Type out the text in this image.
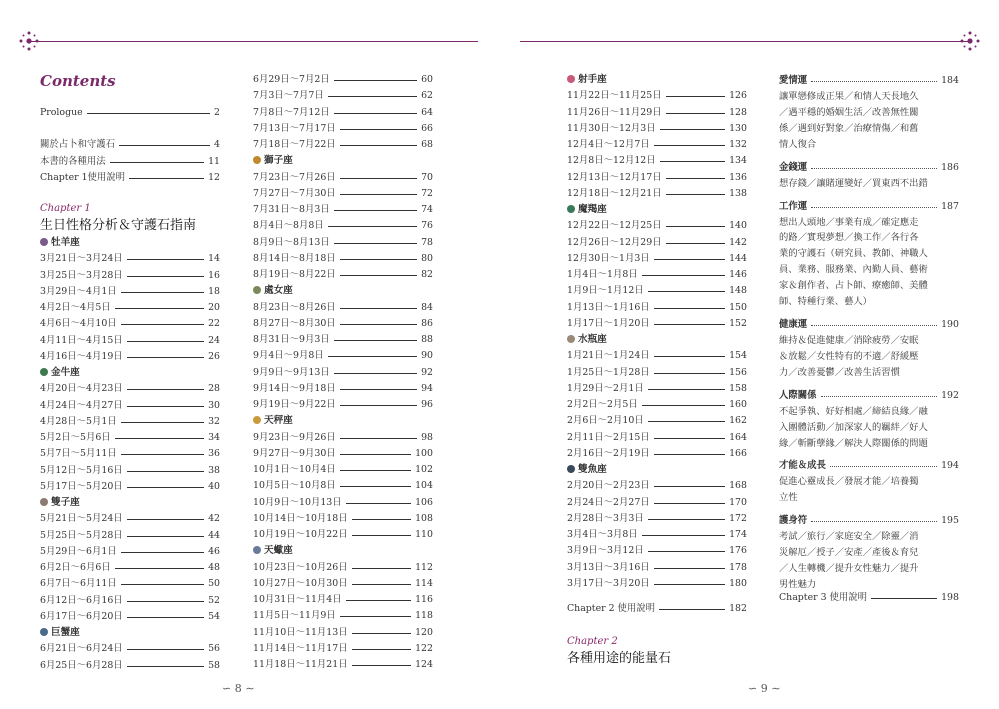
Contents
Prologue	2
關於占卜和守護石	4
本書的各種用法	11
Chapter 1使用說明	12
Chapter 1
生日性格分析＆守護石指南
牡羊座
3月21日～3月24日	14
3月25日～3月28日	16
3月29日～4月1日	18
4月2日～4月5日	20
4月6日～4月10日	22
4月11日～4月15日	24
4月16日～4月19日	26
金牛座
4月20日～4月23日	28
4月24日～4月27日	30
4月28日～5月1日	32
5月2日～5月6日	34
5月7日～5月11日	36
5月12日～5月16日	38
5月17日～5月20日	40
雙子座
5月21日～5月24日	42
5月25日～5月28日	44
5月29日～6月1日	46
6月2日～6月6日	48
6月7日～6月11日	50
6月12日～6月16日	52
6月17日～6月20日	54
巨蟹座
6月21日～6月24日	56
6月25日～6月28日	58
6月29日～7月2日	60
7月3日～7月7日	62
7月8日～7月12日	64
7月13日～7月17日	66
7月18日～7月22日	68
獅子座
7月23日～7月26日	70
7月27日～7月30日	72
7月31日～8月3日	74
8月4日～8月8日	76
8月9日～8月13日	78
8月14日～8月18日	80
8月19日～8月22日	82
處女座
8月23日～8月26日	84
8月27日～8月30日	86
8月31日～9月3日	88
9月4日～9月8日	90
9月9日～9月13日	92
9月14日～9月18日	94
9月19日～9月22日	96
天秤座
9月23日～9月26日	98
9月27日～9月30日	100
10月1日～10月4日	102
10月5日～10月8日	104
10月9日～10月13日	106
10月14日～10月18日	108
10月19日～10月22日	110
天蠍座
10月23日～10月26日	112
10月27日～10月30日	114
10月31日～11月4日	116
11月5日～11月9日	118
11月10日～11月13日	120
11月14日～11月17日	122
11月18日～11月21日	124
射手座
11月22日～11月25日	126
11月26日～11月29日	128
11月30日～12月3日	130
12月4日～12月7日	132
12月8日～12月12日	134
12月13日～12月17日	136
12月18日～12月21日	138
魔羯座
12月22日～12月25日	140
12月26日～12月29日	142
12月30日～1月3日	144
1月4日～1月8日	146
1月9日～1月12日	148
1月13日～1月16日	150
1月17日～1月20日	152
水瓶座
1月21日～1月24日	154
1月25日～1月28日	156
1月29日～2月1日	158
2月2日～2月5日	160
2月6日～2月10日	162
2月11日～2月15日	164
2月16日～2月19日	166
雙魚座
2月20日～2月23日	168
2月24日～2月27日	170
2月28日～3月3日	172
3月4日～3月8日	174
3月9日～3月12日	176
3月13日～3月16日	178
3月17日～3月20日	180
Chapter 2 使用說明	182
Chapter 2
各種用途的能量石
愛情運	184
讓單戀修成正果／和情人天長地久
／遇平穩的婚姻生活／改善無性關
係／遇到好對象／治療情傷／和舊
情人復合
金錢運	186
想存錢／讓賭運變好／買東西不出錯
工作運	187
想出人頭地／事業有成／確定應走
的路／實現夢想／換工作／各行各
業的守護石（研究員、教師、神職人
員、業務、服務業、內勤人員、藝術
家＆創作者、占卜師、療癒師、美體
師、特種行業、藝人）
健康運	190
維持＆促進健康／消除疲勞／安眠
＆放鬆／女性特有的不適／舒緩壓
力／改善憂鬱／改善生活習慣
人際關係	192
不起爭執、好好相處／締結良緣／融
入團體活動／加深家人的羈絆／好人
緣／斬斷孽緣／解決人際關係的問題
才能＆成長	194
促進心靈成長／發展才能／培養獨
立性
護身符	195
考試／旅行／家庭安全／除靈／消
災解厄／授子／安產／產後＆育兒
／人生轉機／提升女性魅力／提升
男性魅力
Chapter 3 使用說明	198
∽ 8 ∼	∽ 9 ∼
